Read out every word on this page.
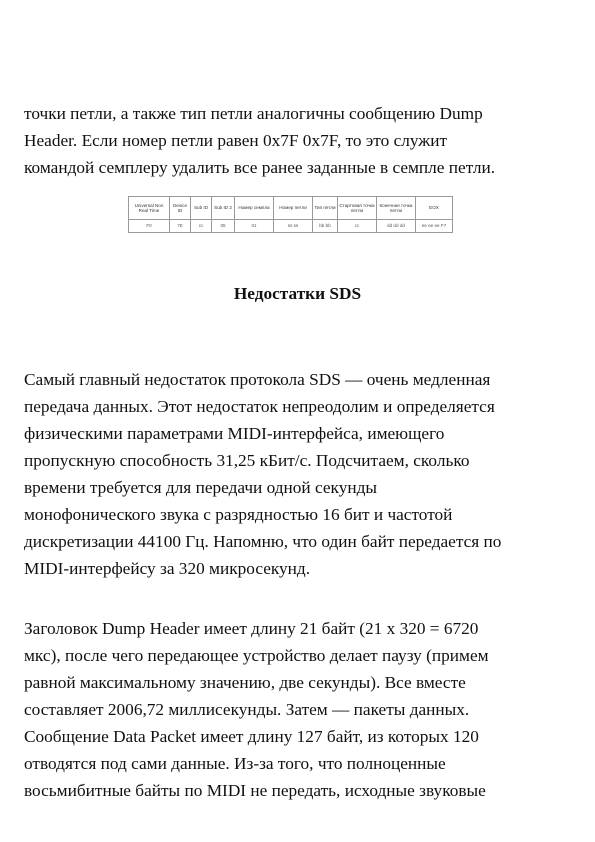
точки петли, а также тип петли аналогичны сообщению Dump
Header. Если номер петли равен 0x7F 0x7F, то это служит
командой семплеру удалить все ранее заданные в семпле петли.

Universal Non Real Time	Device ID	Sub ID	Sub ID 2	Номер семпла	Номер петли	Тип петли	Стартовая точка петли	Конечная точка петли	EOX
F0	7E	cc	05	01	ss ss	bb bb	cc	dd dd dd	ee ee ee F7
Недостатки SDS

Самый главный недостаток протокола SDS — очень медленная
передача данных. Этот недостаток непреодолим и определяется
физическими параметрами MIDI-интерфейса, имеющего
пропускную способность 31,25 кБит/с. Подсчитаем, сколько
времени требуется для передачи одной секунды
монофонического звука с разрядностью 16 бит и частотой
дискретизации 44100 Гц. Напомню, что один байт передается по
MIDI-интерфейсу за 320 микросекунд.

Заголовок Dump Header имеет длину 21 байт (21 x 320 = 6720
мкс), после чего передающее устройство делает паузу (примем
равной максимальному значению, две секунды). Все вместе
составляет 2006,72 миллисекунды. Затем — пакеты данных.
Сообщение Data Packet имеет длину 127 байт, из которых 120
отводятся под сами данные. Из-за того, что полноценные
восьмибитные байты по MIDI не передать, исходные звуковые
